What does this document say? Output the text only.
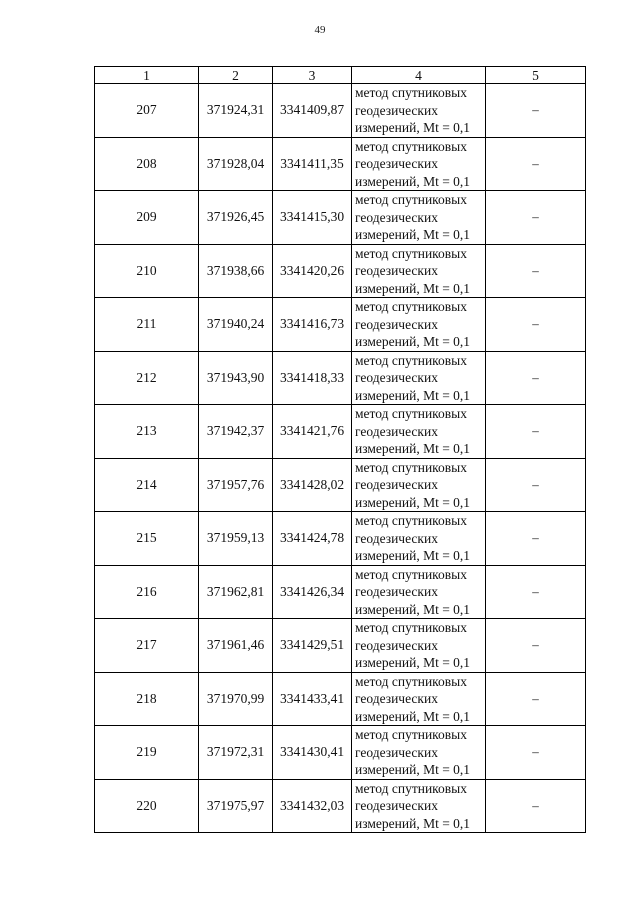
49
1	2	3	4	5
207	371924,31	3341409,87	метод спутниковых
геодезических
измерений, Mt = 0,1	–
208	371928,04	3341411,35	метод спутниковых
геодезических
измерений, Mt = 0,1	–
209	371926,45	3341415,30	метод спутниковых
геодезических
измерений, Mt = 0,1	–
210	371938,66	3341420,26	метод спутниковых
геодезических
измерений, Mt = 0,1	–
211	371940,24	3341416,73	метод спутниковых
геодезических
измерений, Mt = 0,1	–
212	371943,90	3341418,33	метод спутниковых
геодезических
измерений, Mt = 0,1	–
213	371942,37	3341421,76	метод спутниковых
геодезических
измерений, Mt = 0,1	–
214	371957,76	3341428,02	метод спутниковых
геодезических
измерений, Mt = 0,1	–
215	371959,13	3341424,78	метод спутниковых
геодезических
измерений, Mt = 0,1	–
216	371962,81	3341426,34	метод спутниковых
геодезических
измерений, Mt = 0,1	–
217	371961,46	3341429,51	метод спутниковых
геодезических
измерений, Mt = 0,1	–
218	371970,99	3341433,41	метод спутниковых
геодезических
измерений, Mt = 0,1	–
219	371972,31	3341430,41	метод спутниковых
геодезических
измерений, Mt = 0,1	–
220	371975,97	3341432,03	метод спутниковых
геодезических
измерений, Mt = 0,1	–
